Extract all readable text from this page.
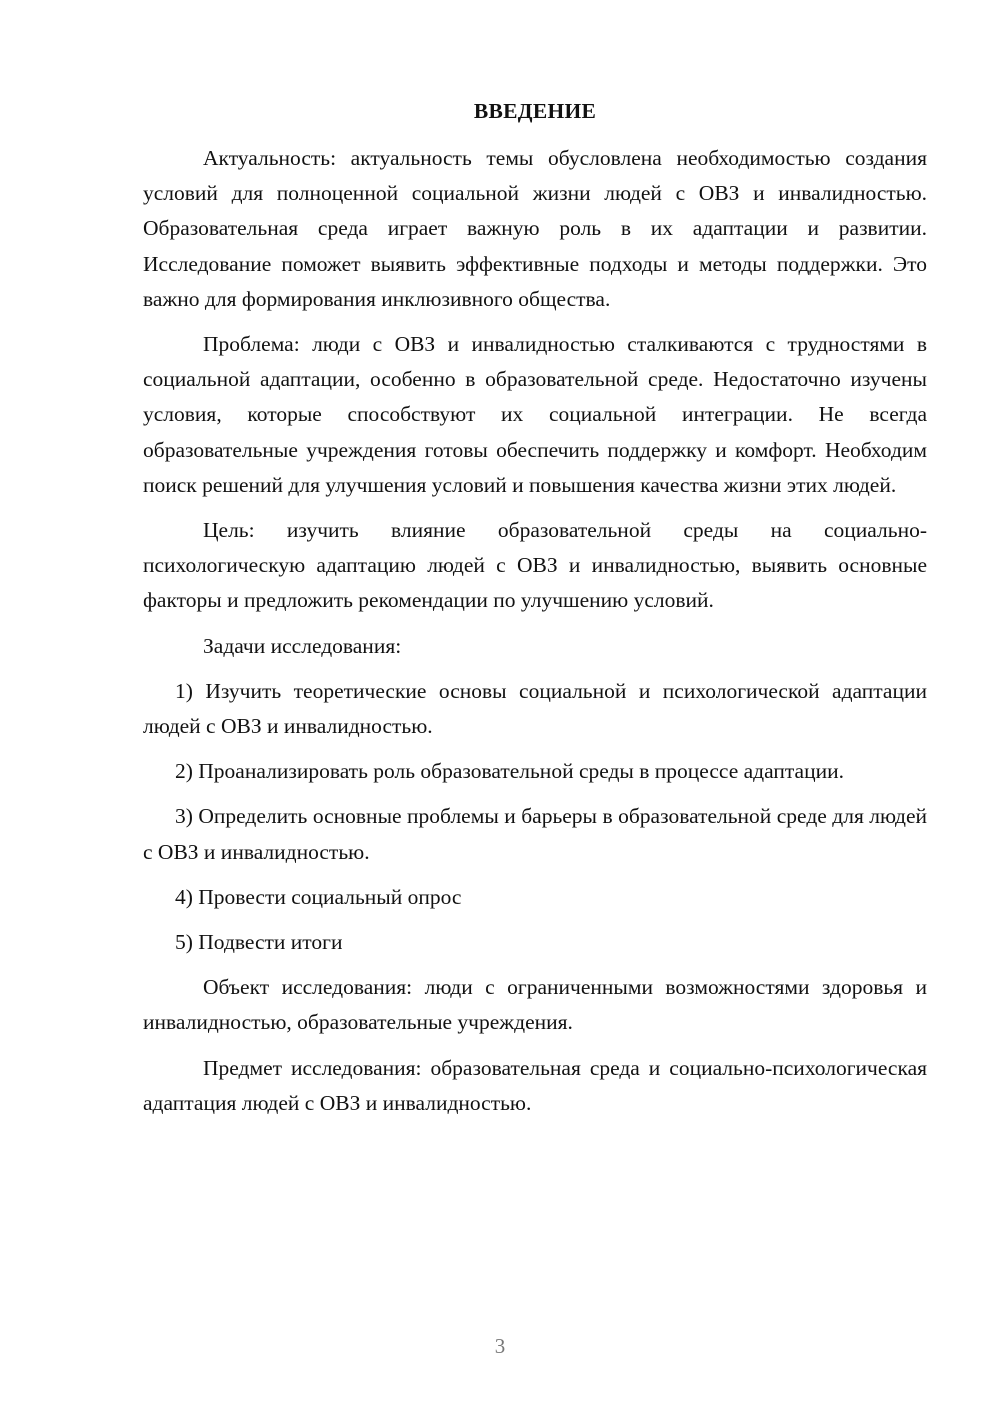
ВВЕДЕНИЕ

Актуальность: актуальность темы обусловлена необходимостью создания условий для полноценной социальной жизни людей с ОВЗ и инвалидностью. Образовательная среда играет важную роль в их адаптации и развитии. Исследование поможет выявить эффективные подходы и методы поддержки. Это важно для формирования инклюзивного общества.

Проблема: люди с ОВЗ и инвалидностью сталкиваются с трудностями в социальной адаптации, особенно в образовательной среде. Недостаточно изучены условия, которые способствуют их социальной интеграции. Не всегда образовательные учреждения готовы обеспечить поддержку и комфорт. Необходим поиск решений для улучшения условий и повышения качества жизни этих людей.

Цель: изучить влияние образовательной среды на социально-психологическую адаптацию людей с ОВЗ и инвалидностью, выявить основные факторы и предложить рекомендации по улучшению условий.

Задачи исследования:

1) Изучить теоретические основы социальной и психологической адаптации людей с ОВЗ и инвалидностью.

2) Проанализировать роль образовательной среды в процессе адаптации.

3) Определить основные проблемы и барьеры в образовательной среде для людей с ОВЗ и инвалидностью.

4) Провести социальный опрос

5) Подвести итоги

Объект исследования: люди с ограниченными возможностями здоровья и инвалидностью, образовательные учреждения.

Предмет исследования: образовательная среда и социально-психологическая адаптация людей с ОВЗ и инвалидностью.

3
